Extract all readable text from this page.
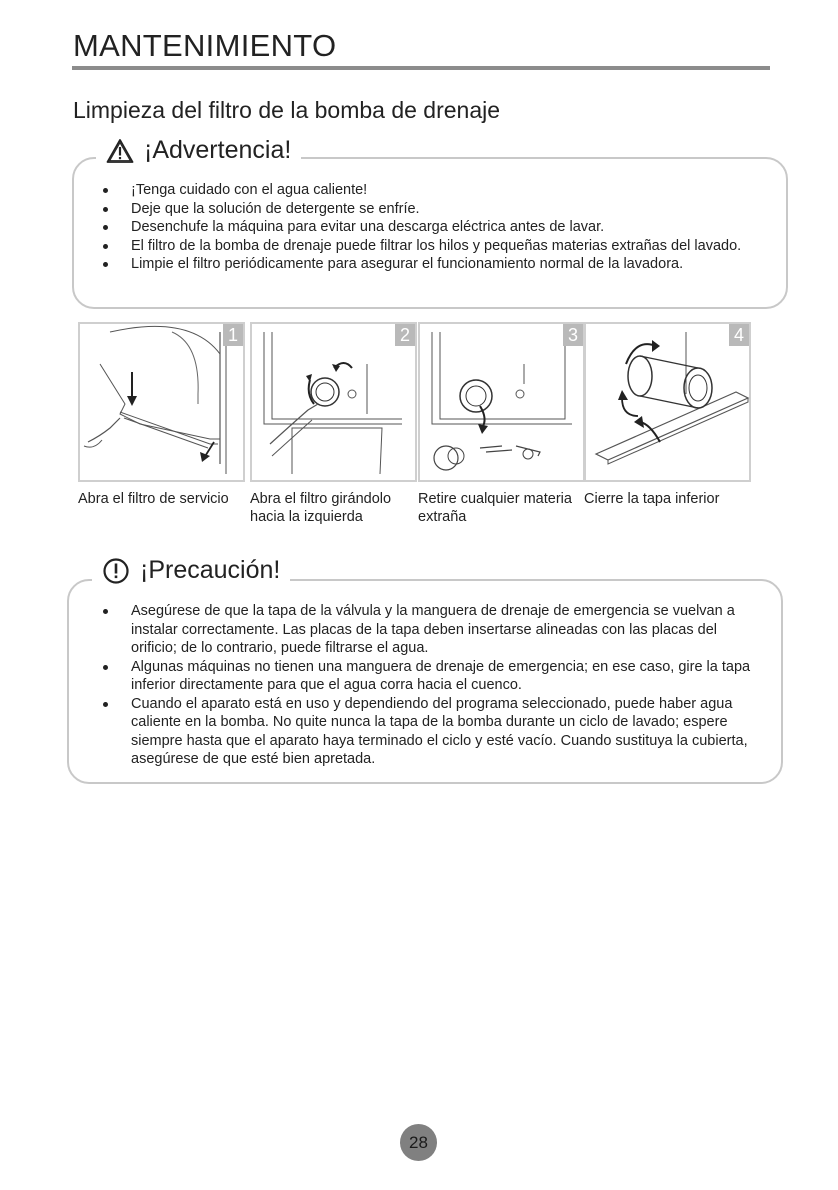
MANTENIMIENTO
Limpieza del filtro de la bomba de drenaje
¡Advertencia!
¡Tenga cuidado con el agua caliente!
Deje que la solución de detergente se enfríe.
Desenchufe la máquina para evitar una descarga eléctrica antes de lavar.
El filtro de la bomba de drenaje puede filtrar los hilos y pequeñas materias extrañas del lavado.
Limpie el filtro periódicamente para asegurar el funcionamiento normal de la lavadora.
1
Abra el filtro de servicio
2
Abra el filtro girándolo hacia la izquierda
3
Retire cualquier materia extraña
4
Cierre la tapa inferior
¡Precaución!
Asegúrese de que la tapa de la válvula y la manguera de drenaje de emergencia se vuelvan a instalar correctamente. Las placas de la tapa deben insertarse alineadas con las placas del orificio; de lo contrario, puede filtrarse el agua.
Algunas máquinas no tienen una manguera de drenaje de emergencia; en ese caso, gire la tapa inferior directamente para que el agua corra hacia el cuenco.
Cuando el aparato está en uso y dependiendo del programa seleccionado, puede haber agua caliente en la bomba. No quite nunca la tapa de la bomba durante un ciclo de lavado; espere siempre hasta que el aparato haya terminado el ciclo y esté vacío. Cuando sustituya la cubierta, asegúrese de que esté bien apretada.
28
